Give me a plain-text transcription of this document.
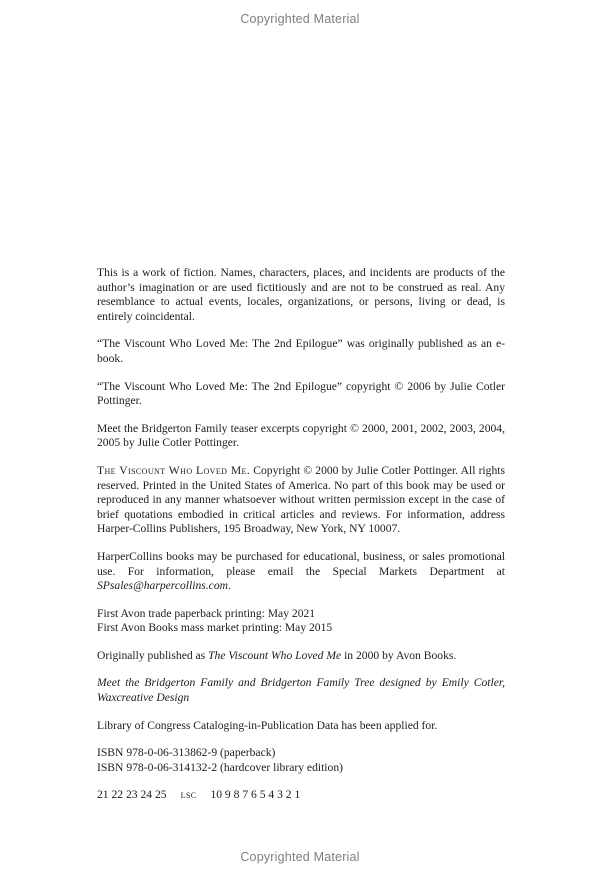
Copyrighted Material

This is a work of fiction. Names, characters, places, and incidents are products of the author’s imagination or are used fictitiously and are not to be construed as real. Any resemblance to actual events, locales, organizations, or persons, living or dead, is entirely coincidental.

“The Viscount Who Loved Me: The 2nd Epilogue” was originally published as an e-book.

“The Viscount Who Loved Me: The 2nd Epilogue” copyright © 2006 by Julie Cotler Pottinger.

Meet the Bridgerton Family teaser excerpts copyright © 2000, 2001, 2002, 2003, 2004, 2005 by Julie Cotler Pottinger.

The Viscount Who Loved Me. Copyright © 2000 by Julie Cotler Pottinger. All rights reserved. Printed in the United States of America. No part of this book may be used or reproduced in any manner whatsoever without written permission except in the case of brief quotations embodied in critical articles and reviews. For information, address Harper-Collins Publishers, 195 Broadway, New York, NY 10007.

HarperCollins books may be purchased for educational, business, or sales promotional use. For information, please email the Special Markets Department at SPsales@harpercollins.com.

First Avon trade paperback printing: May 2021
First Avon Books mass market printing: May 2015

Originally published as The Viscount Who Loved Me in 2000 by Avon Books.

Meet the Bridgerton Family and Bridgerton Family Tree designed by Emily Cotler, Waxcreative Design

Library of Congress Cataloging-in-Publication Data has been applied for.

ISBN 978-0-06-313862-9 (paperback)
ISBN 978-0-06-314132-2 (hardcover library edition)

21 22 23 24 25 lsc 10 9 8 7 6 5 4 3 2 1

Copyrighted Material
